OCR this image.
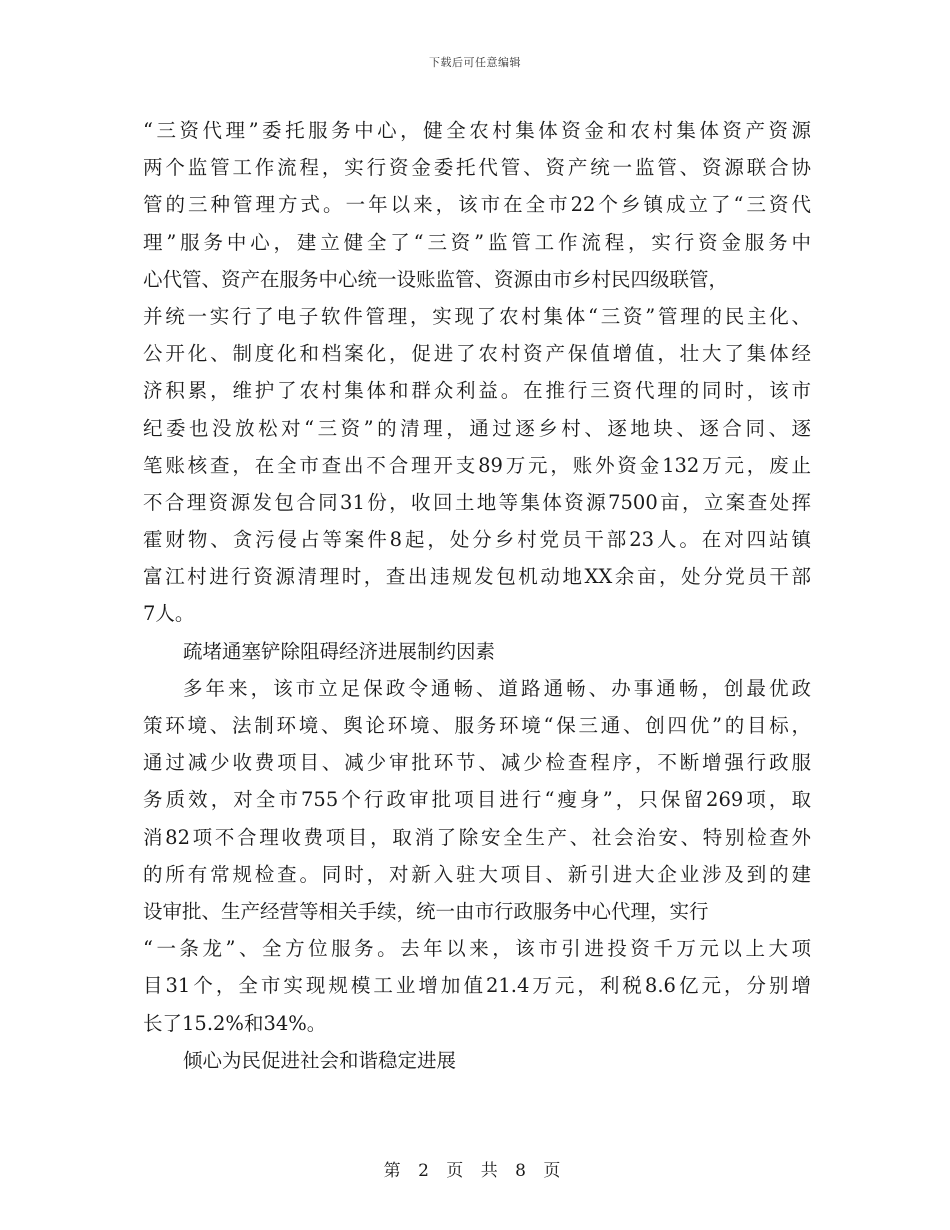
下载后可任意编辑
“三资代理”委托服务中心，健全农村集体资金和农村集体资产资源
两个监管工作流程，实行资金委托代管、资产统一监管、资源联合协
管的三种管理方式。一年以来，该市在全市22个乡镇成立了“三资代
理”服务中心，建立健全了“三资”监管工作流程，实行资金服务中
心代管、资产在服务中心统一设账监管、资源由市乡村民四级联管，
并统一实行了电子软件管理，实现了农村集体“三资”管理的民主化、
公开化、制度化和档案化，促进了农村资产保值增值，壮大了集体经
济积累，维护了农村集体和群众利益。在推行三资代理的同时，该市
纪委也没放松对“三资”的清理，通过逐乡村、逐地块、逐合同、逐
笔账核查，在全市查出不合理开支89万元，账外资金132万元，废止
不合理资源发包合同31份，收回土地等集体资源7500亩，立案查处挥
霍财物、贪污侵占等案件8起，处分乡村党员干部23人。在对四站镇
富江村进行资源清理时，查出违规发包机动地XX余亩，处分党员干部
7人。
疏堵通塞铲除阻碍经济进展制约因素
多年来，该市立足保政令通畅、道路通畅、办事通畅，创最优政
策环境、法制环境、舆论环境、服务环境“保三通、创四优”的目标，
通过减少收费项目、减少审批环节、减少检查程序，不断增强行政服
务质效，对全市755个行政审批项目进行“瘦身”，只保留269项，取
消82项不合理收费项目，取消了除安全生产、社会治安、特别检查外
的所有常规检查。同时，对新入驻大项目、新引进大企业涉及到的建
设审批、生产经营等相关手续，统一由市行政服务中心代理，实行
“一条龙”、全方位服务。去年以来，该市引进投资千万元以上大项
目31个，全市实现规模工业增加值21.4万元，利税8.6亿元，分别增
长了15.2%和34%。
倾心为民促进社会和谐稳定进展
第 2 页 共 8 页
